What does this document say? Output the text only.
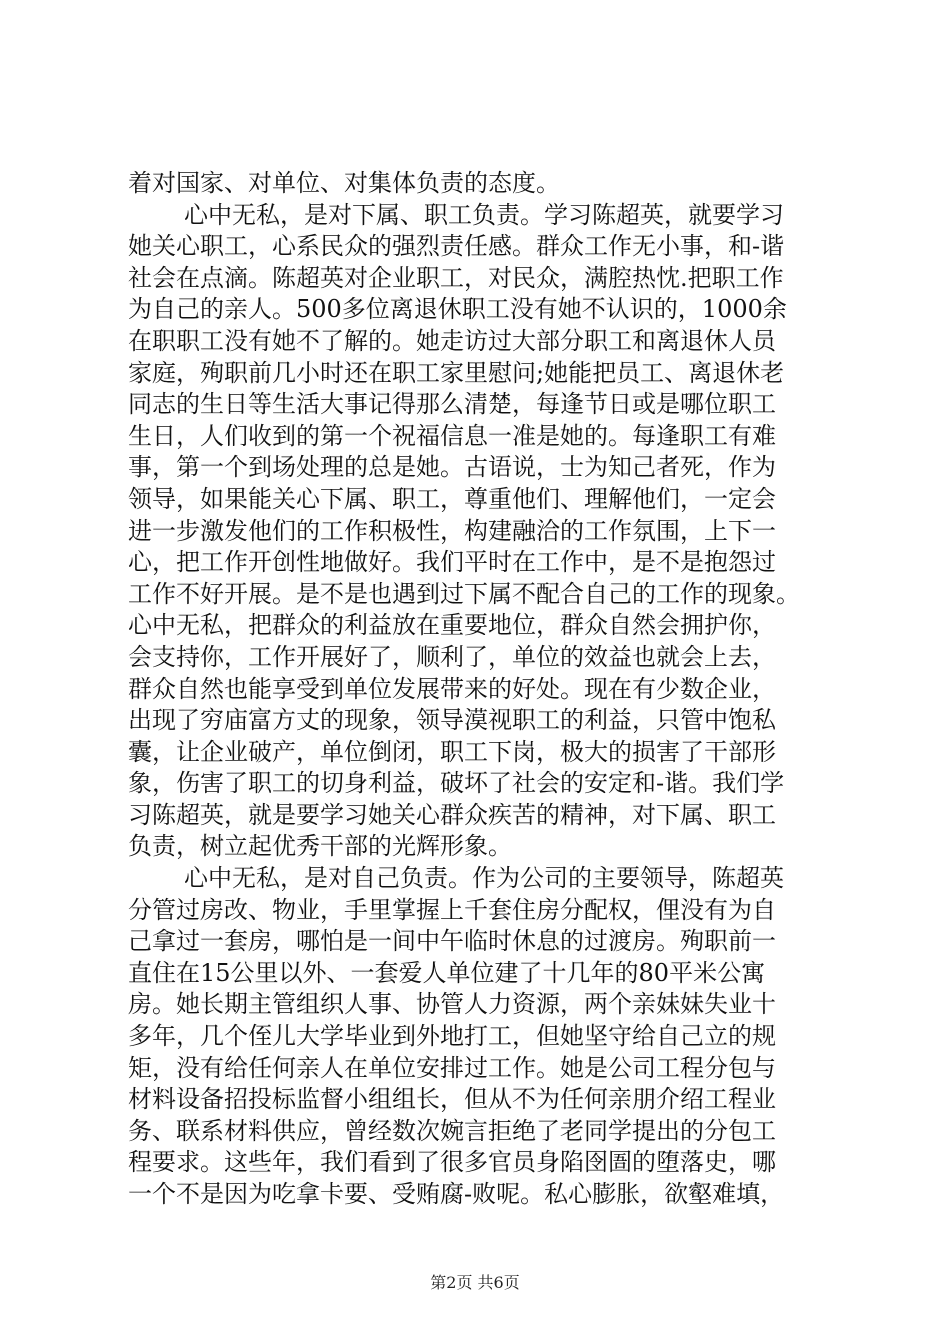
着对国家、对单位、对集体负责的态度。
心中无私，是对下属、职工负责。学习陈超英，就要学习
她关心职工，心系民众的强烈责任感。群众工作无小事，和-谐
社会在点滴。陈超英对企业职工，对民众，满腔热忱.把职工作
为自己的亲人。500多位离退休职工没有她不认识的，1000余
在职职工没有她不了解的。她走访过大部分职工和离退休人员
家庭，殉职前几小时还在职工家里慰问;她能把员工、离退休老
同志的生日等生活大事记得那么清楚，每逢节日或是哪位职工
生日，人们收到的第一个祝福信息一准是她的。每逢职工有难
事，第一个到场处理的总是她。古语说，士为知己者死，作为
领导，如果能关心下属、职工，尊重他们、理解他们，一定会
进一步激发他们的工作积极性，构建融洽的工作氛围，上下一
心，把工作开创性地做好。我们平时在工作中，是不是抱怨过
工作不好开展。是不是也遇到过下属不配合自己的工作的现象。
心中无私，把群众的利益放在重要地位，群众自然会拥护你，
会支持你，工作开展好了，顺利了，单位的效益也就会上去，
群众自然也能享受到单位发展带来的好处。现在有少数企业，
出现了穷庙富方丈的现象，领导漠视职工的利益，只管中饱私
囊，让企业破产，单位倒闭，职工下岗，极大的损害了干部形
象，伤害了职工的切身利益，破坏了社会的安定和-谐。我们学
习陈超英，就是要学习她关心群众疾苦的精神，对下属、职工
负责，树立起优秀干部的光辉形象。
心中无私，是对自己负责。作为公司的主要领导，陈超英
分管过房改、物业，手里掌握上千套住房分配权，俚没有为自
己拿过一套房，哪怕是一间中午临时休息的过渡房。殉职前一
直住在15公里以外、一套爱人单位建了十几年的80平米公寓
房。她长期主管组织人事、协管人力资源，两个亲妹妹失业十
多年，几个侄儿大学毕业到外地打工，但她坚守给自己立的规
矩，没有给任何亲人在单位安排过工作。她是公司工程分包与
材料设备招投标监督小组组长，但从不为任何亲朋介绍工程业
务、联系材料供应，曾经数次婉言拒绝了老同学提出的分包工
程要求。这些年，我们看到了很多官员身陷囹圄的堕落史，哪
一个不是因为吃拿卡要、受贿腐-败呢。私心膨胀，欲壑难填，
第2页 共6页
